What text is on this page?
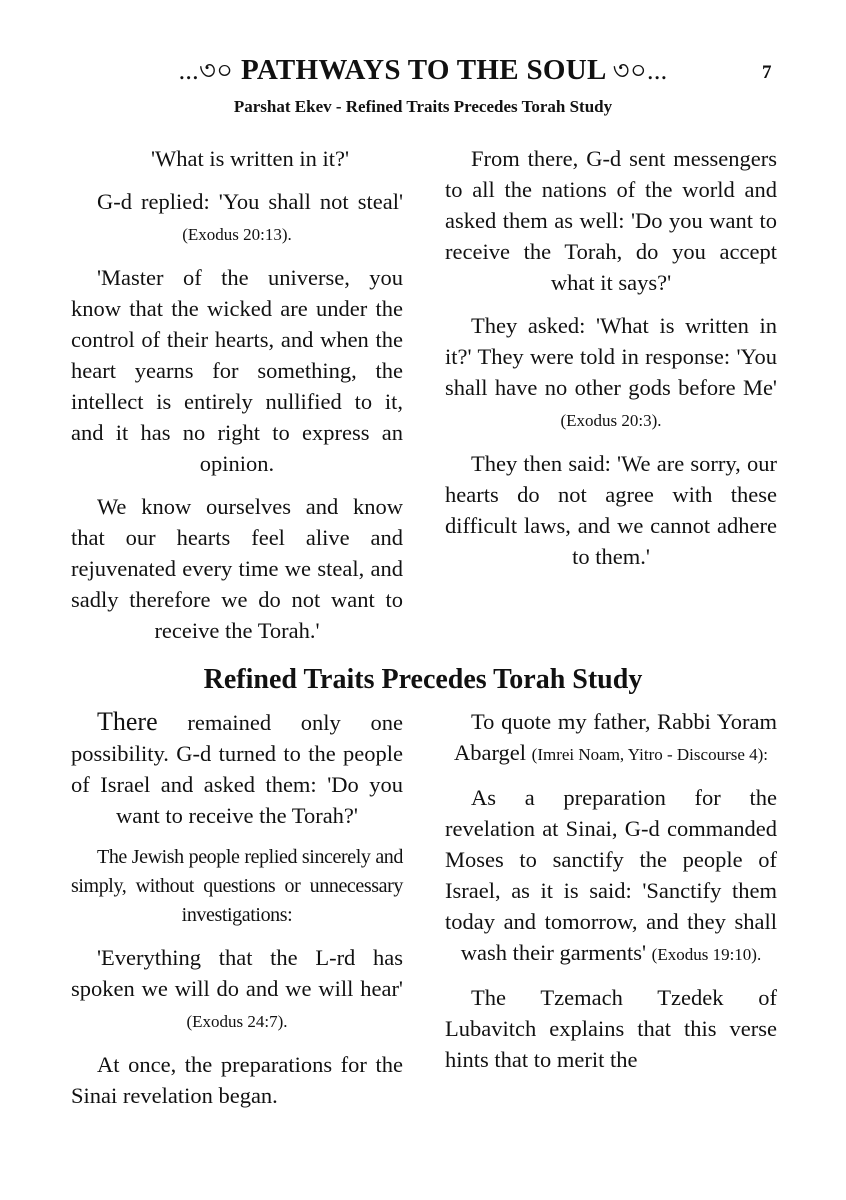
...৩০ PATHWAYS TO THE SOUL ৩০...	7
Parshat Ekev - Refined Traits Precedes Torah Study

'What is written in it?'

G-d replied: 'You shall not steal' (Exodus 20:13).

'Master of the universe, you know that the wicked are under the control of their hearts, and when the heart yearns for something, the intellect is entirely nullified to it, and it has no right to express an opinion.

We know ourselves and know that our hearts feel alive and rejuvenated every time we steal, and sadly therefore we do not want to receive the Torah.'

From there, G-d sent messengers to all the nations of the world and asked them as well: 'Do you want to receive the Torah, do you accept what it says?'

They asked: 'What is written in it?' They were told in response: 'You shall have no other gods before Me' (Exodus 20:3).

They then said: 'We are sorry, our hearts do not agree with these difficult laws, and we cannot adhere to them.'

Refined Traits Precedes Torah Study

There remained only one possibility. G-d turned to the people of Israel and asked them: 'Do you want to receive the Torah?'

The Jewish people replied sincerely and simply, without questions or unnecessary investigations:

'Everything that the L-rd has spoken we will do and we will hear' (Exodus 24:7).

At once, the preparations for the Sinai revelation began.

To quote my father, Rabbi Yoram Abargel (Imrei Noam, Yitro - Discourse 4):

As a preparation for the revelation at Sinai, G-d commanded Moses to sanctify the people of Israel, as it is said: 'Sanctify them today and tomorrow, and they shall wash their garments' (Exodus 19:10).

The Tzemach Tzedek of Lubavitch explains that this verse hints that to merit the
